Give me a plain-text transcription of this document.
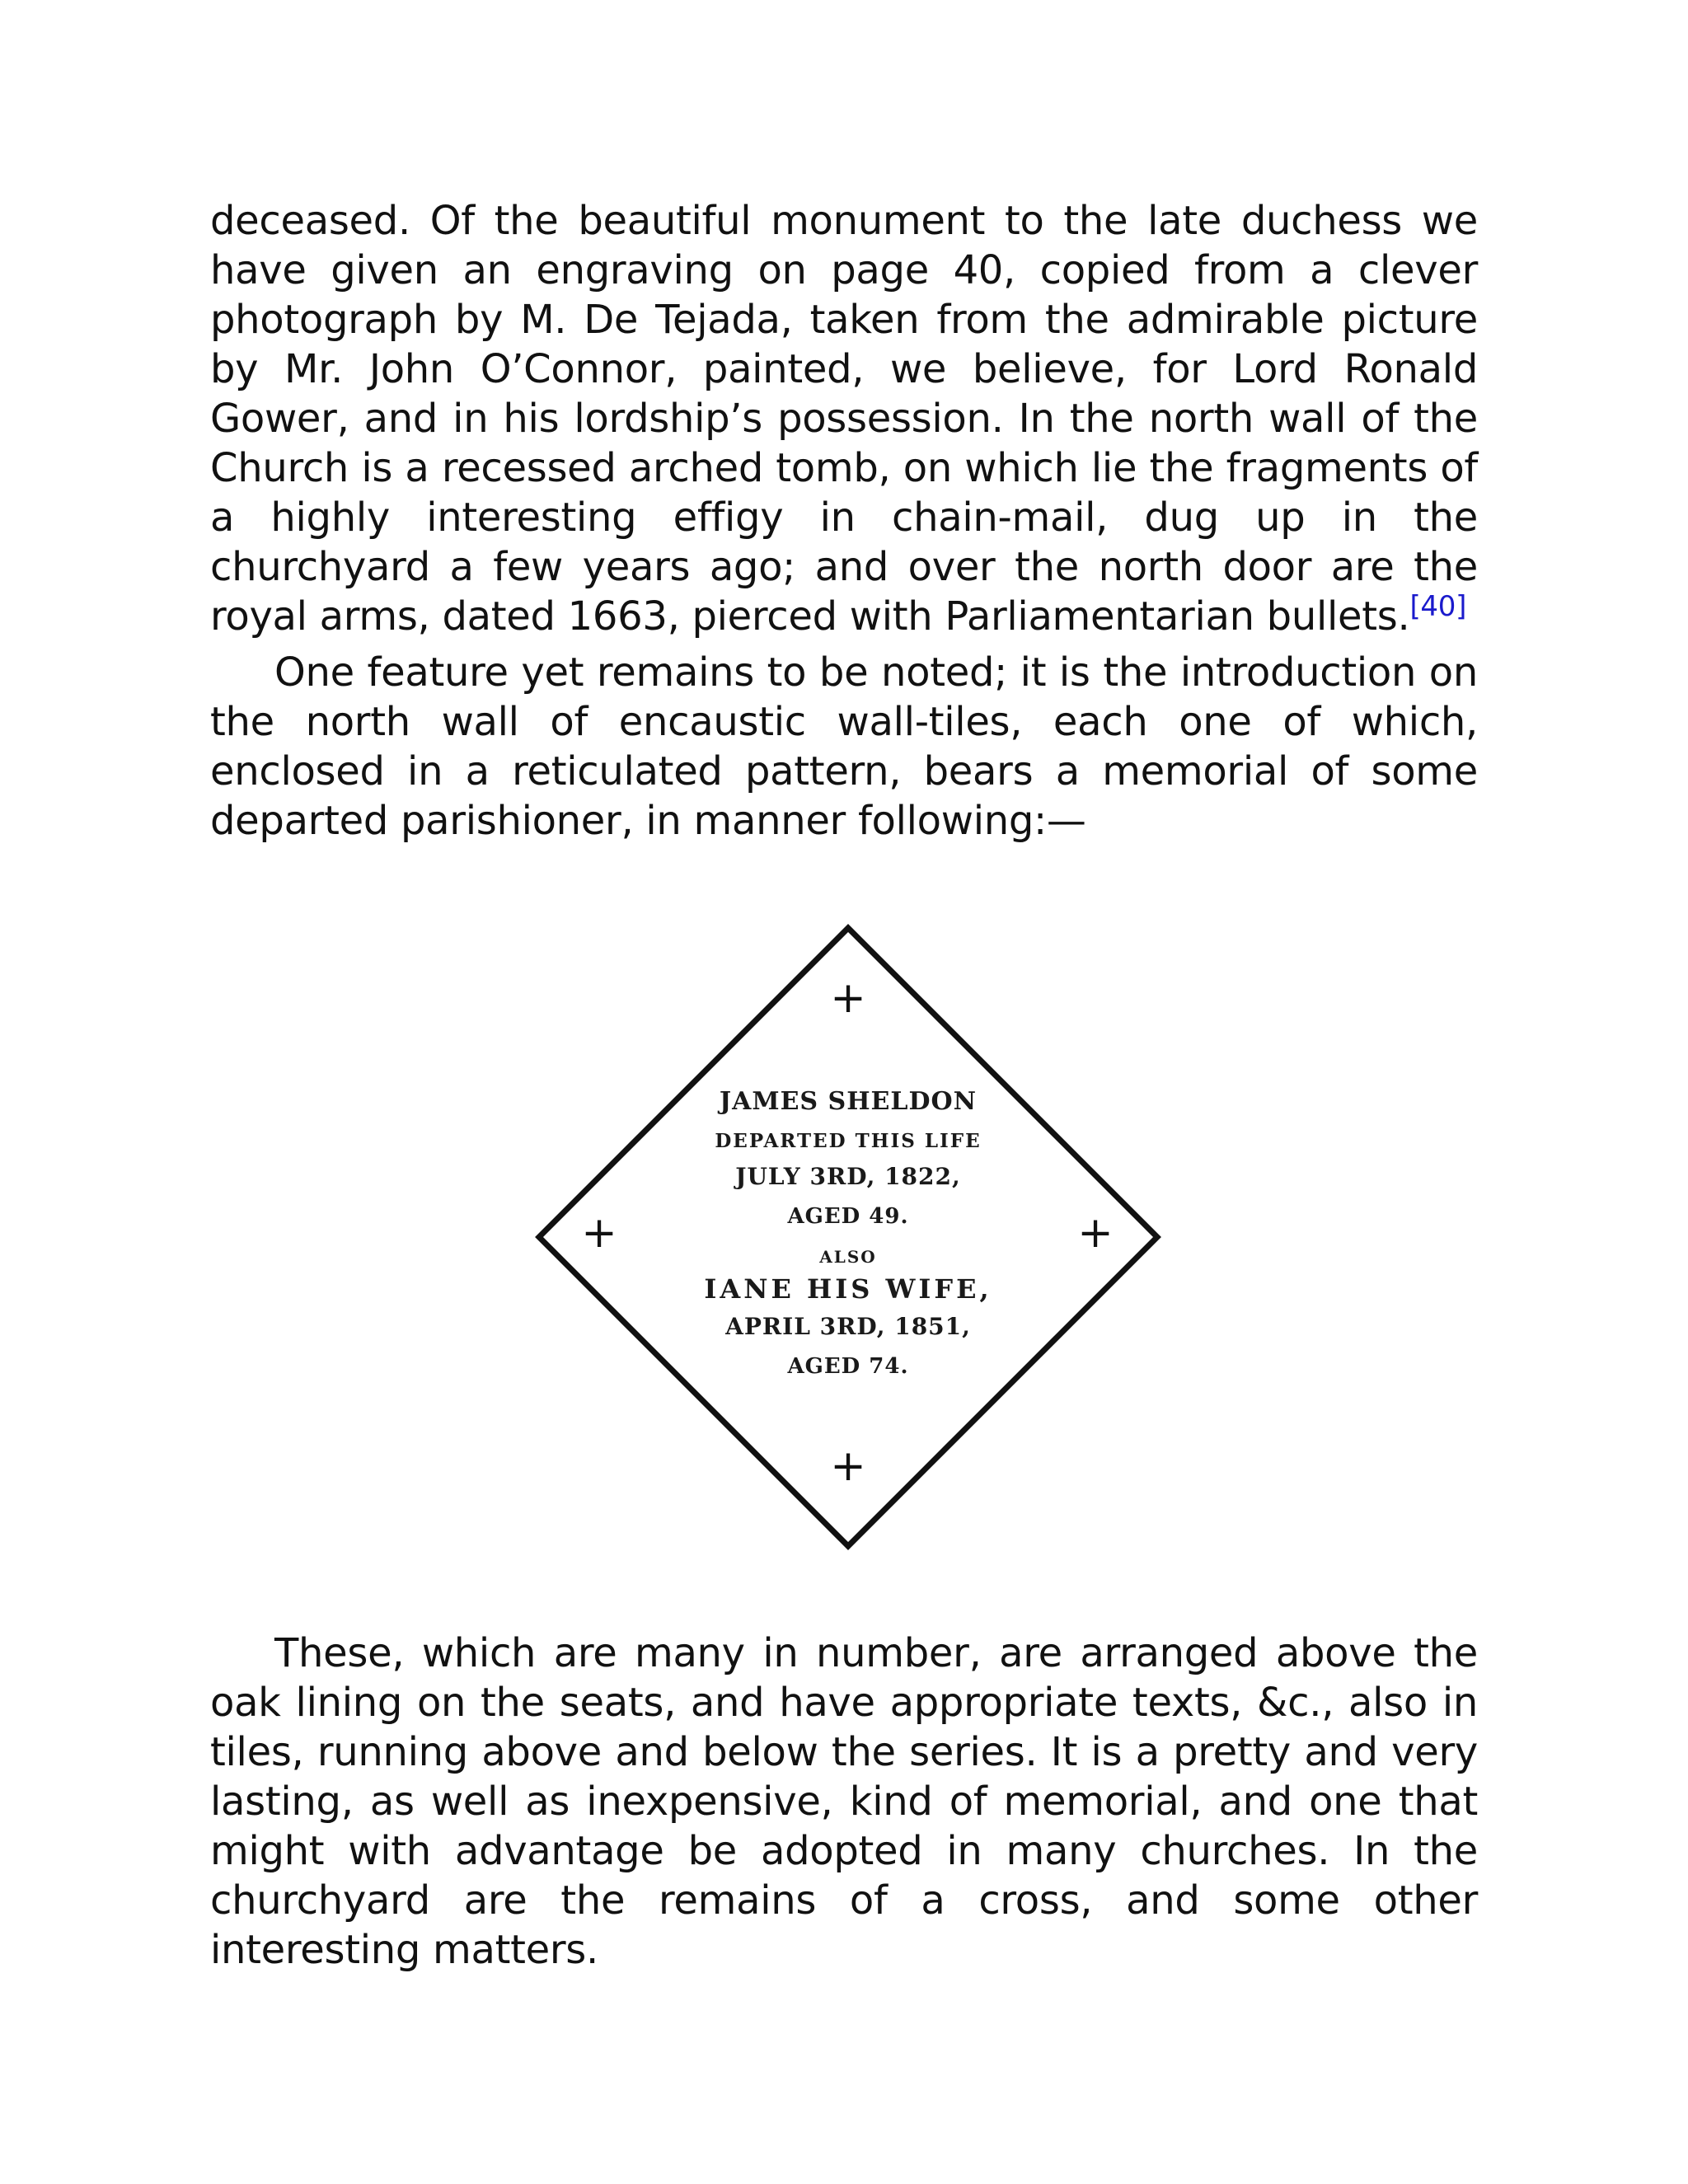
deceased. Of the beautiful monument to the late duchess we have given an engraving on page 40, copied from a clever photograph by M. De Tejada, taken from the admirable picture by Mr. John O’Connor, painted, we believe, for Lord Ronald Gower, and in his lordship’s possession. In the north wall of the Church is a recessed arched tomb, on which lie the fragments of a highly interesting effigy in chain-mail, dug up in the churchyard a few years ago; and over the north door are the royal arms, dated 1663, pierced with Parliamentarian bullets.[40]

One feature yet remains to be noted; it is the introduction on the north wall of encaustic wall-tiles, each one of which, enclosed in a reticulated pattern, bears a memorial of some departed parishioner, in manner following:—

+
+	+
+
JAMES SHELDON
DEPARTED THIS LIFE
JULY 3RD, 1822,
AGED 49.
ALSO
IANE HIS WIFE,
APRIL 3RD, 1851,
AGED 74.

These, which are many in number, are arranged above the oak lining on the seats, and have appropriate texts, &c., also in tiles, running above and below the series. It is a pretty and very lasting, as well as inexpensive, kind of memorial, and one that might with advantage be adopted in many churches. In the churchyard are the remains of a cross, and some other interesting matters.
